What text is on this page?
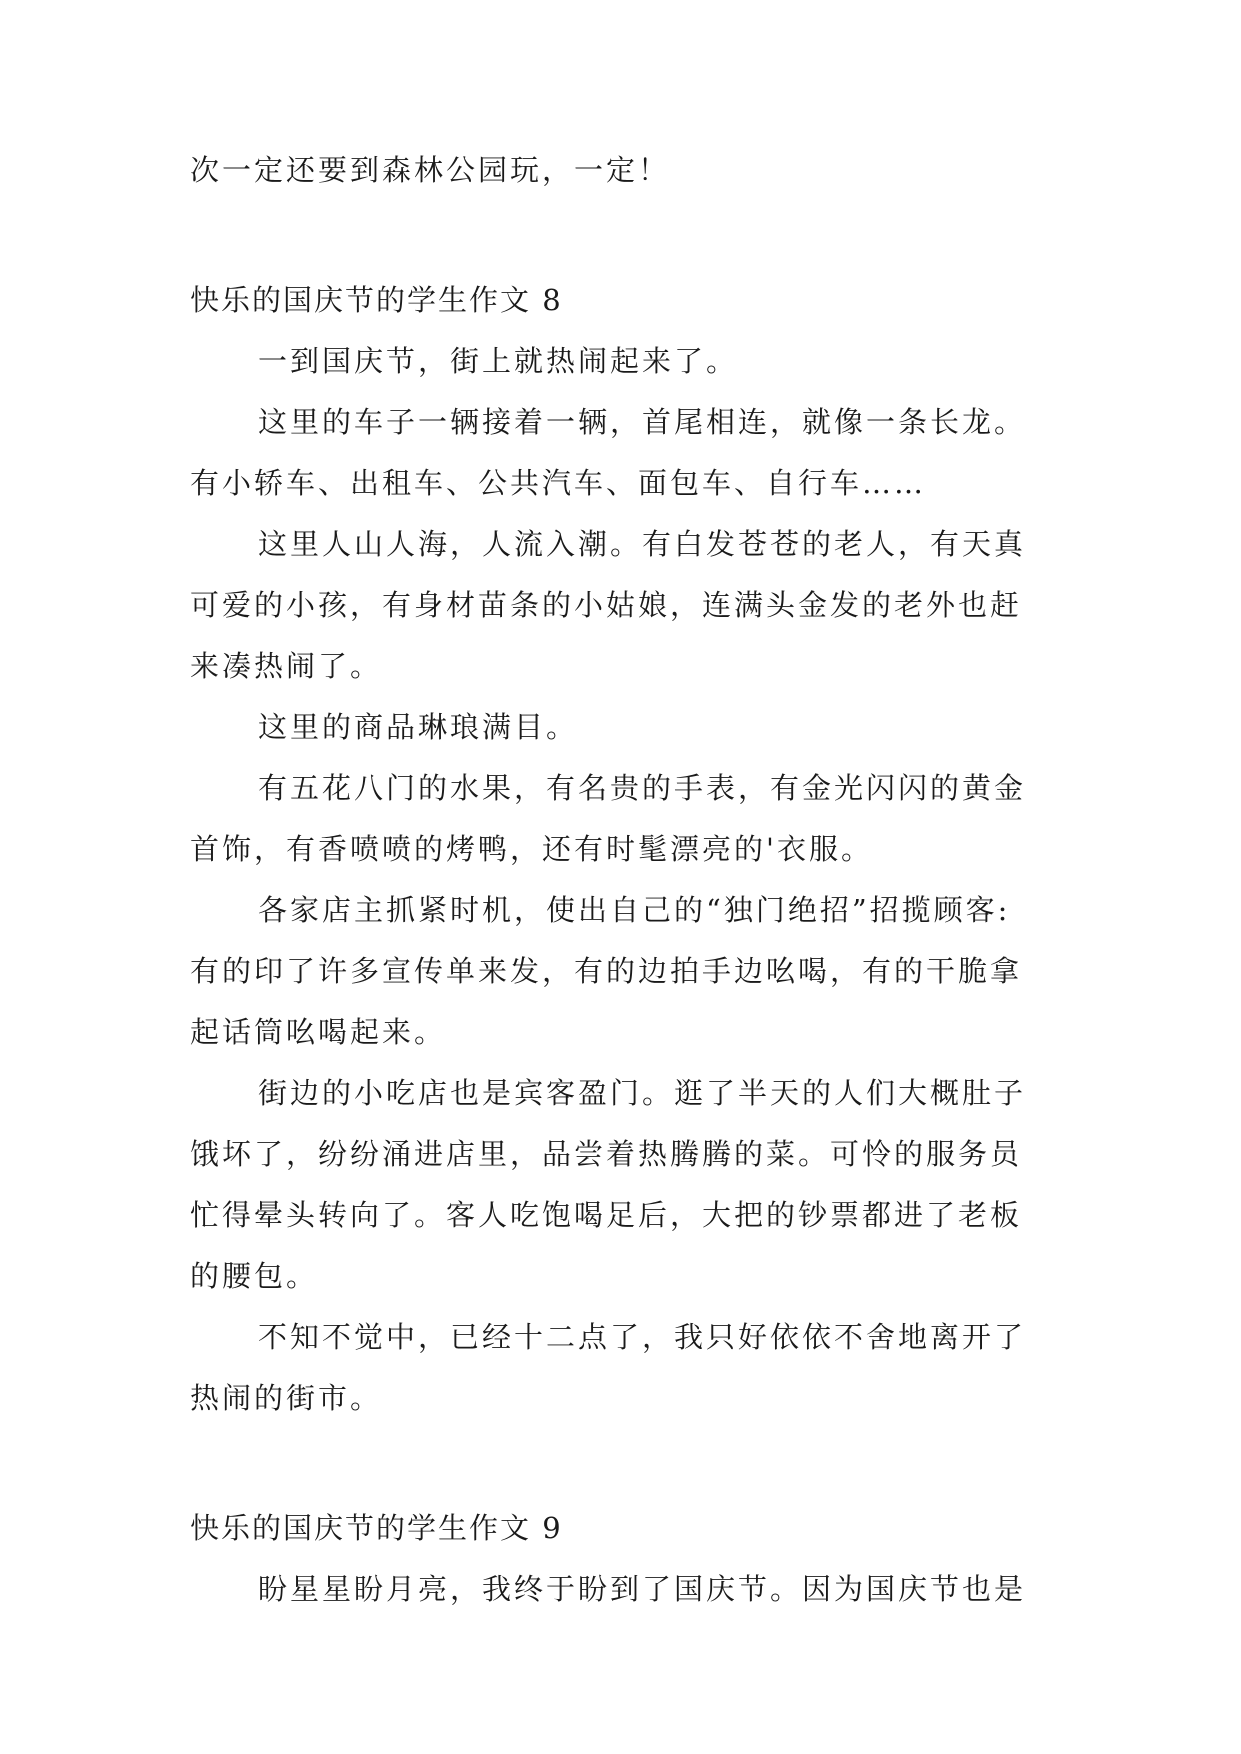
次一定还要到森林公园玩，一定！
快乐的国庆节的学生作文 8
一到国庆节，街上就热闹起来了。
这里的车子一辆接着一辆，首尾相连，就像一条长龙。
有小轿车、出租车、公共汽车、面包车、自行车……
这里人山人海，人流入潮。有白发苍苍的老人，有天真
可爱的小孩，有身材苗条的小姑娘，连满头金发的老外也赶
来凑热闹了。
这里的商品琳琅满目。
有五花八门的水果，有名贵的手表，有金光闪闪的黄金
首饰，有香喷喷的烤鸭，还有时髦漂亮的'衣服。
各家店主抓紧时机，使出自己的“独门绝招”招揽顾客:
有的印了许多宣传单来发，有的边拍手边吆喝，有的干脆拿
起话筒吆喝起来。
街边的小吃店也是宾客盈门。逛了半天的人们大概肚子
饿坏了，纷纷涌进店里，品尝着热腾腾的菜。可怜的服务员
忙得晕头转向了。客人吃饱喝足后，大把的钞票都进了老板
的腰包。
不知不觉中，已经十二点了，我只好依依不舍地离开了
热闹的街市。
快乐的国庆节的学生作文 9
盼星星盼月亮，我终于盼到了国庆节。因为国庆节也是
